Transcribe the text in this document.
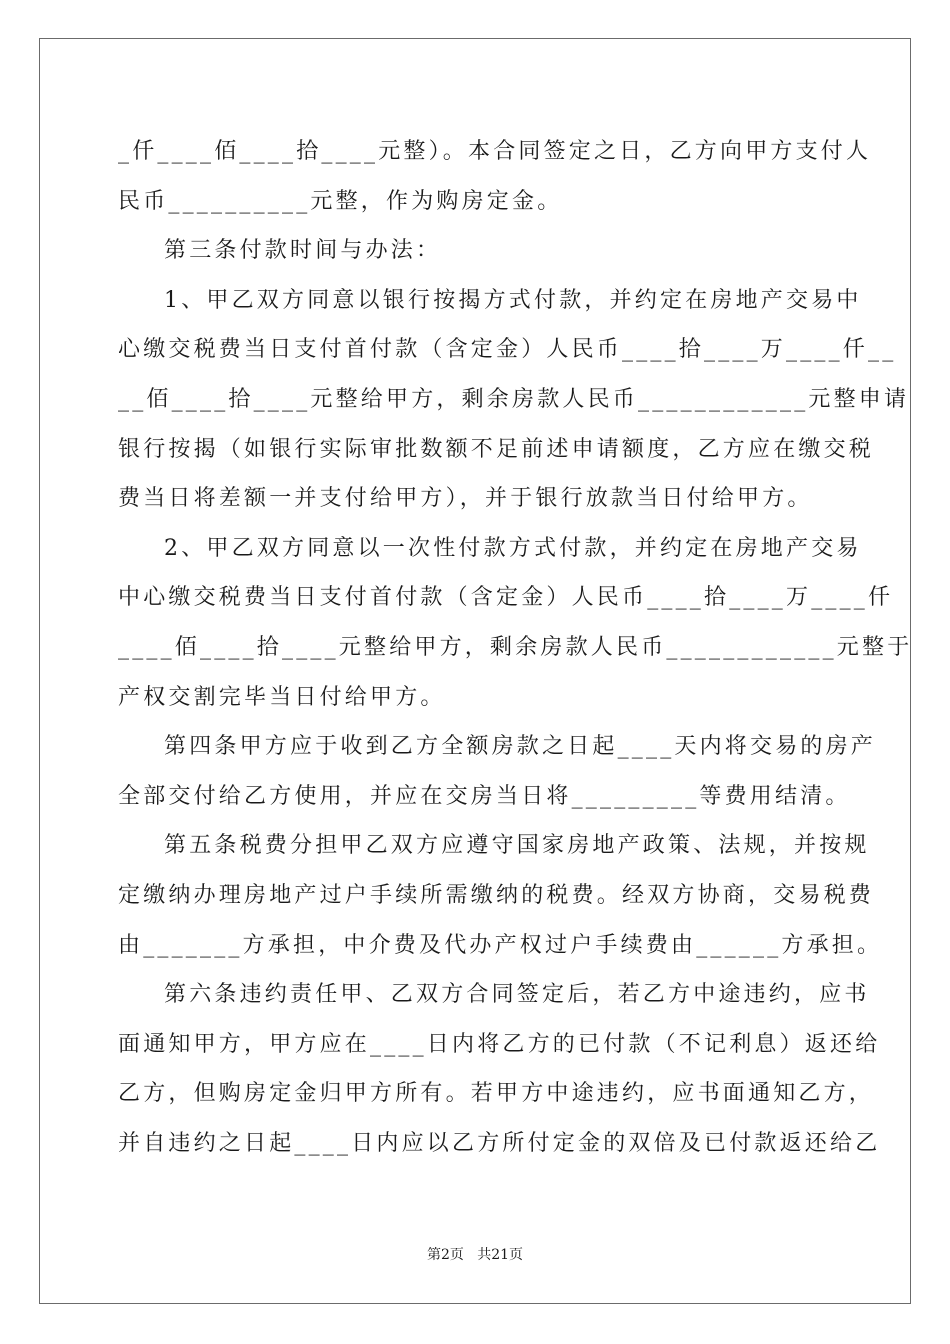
_仟____佰____拾____元整）。本合同签定之日，乙方向甲方支付人
民币__________元整，作为购房定金。
第三条付款时间与办法：
1、甲乙双方同意以银行按揭方式付款，并约定在房地产交易中
心缴交税费当日支付首付款（含定金）人民币____拾____万____仟__
__佰____拾____元整给甲方，剩余房款人民币____________元整申请
银行按揭（如银行实际审批数额不足前述申请额度，乙方应在缴交税
费当日将差额一并支付给甲方），并于银行放款当日付给甲方。
2、甲乙双方同意以一次性付款方式付款，并约定在房地产交易
中心缴交税费当日支付首付款（含定金）人民币____拾____万____仟
____佰____拾____元整给甲方，剩余房款人民币____________元整于
产权交割完毕当日付给甲方。
第四条甲方应于收到乙方全额房款之日起____天内将交易的房产
全部交付给乙方使用，并应在交房当日将_________等费用结清。
第五条税费分担甲乙双方应遵守国家房地产政策、法规，并按规
定缴纳办理房地产过户手续所需缴纳的税费。经双方协商，交易税费
由_______方承担，中介费及代办产权过户手续费由______方承担。
第六条违约责任甲、乙双方合同签定后，若乙方中途违约，应书
面通知甲方，甲方应在____日内将乙方的已付款（不记利息）返还给
乙方，但购房定金归甲方所有。若甲方中途违约，应书面通知乙方，
并自违约之日起____日内应以乙方所付定金的双倍及已付款返还给乙
第2页   共21页
